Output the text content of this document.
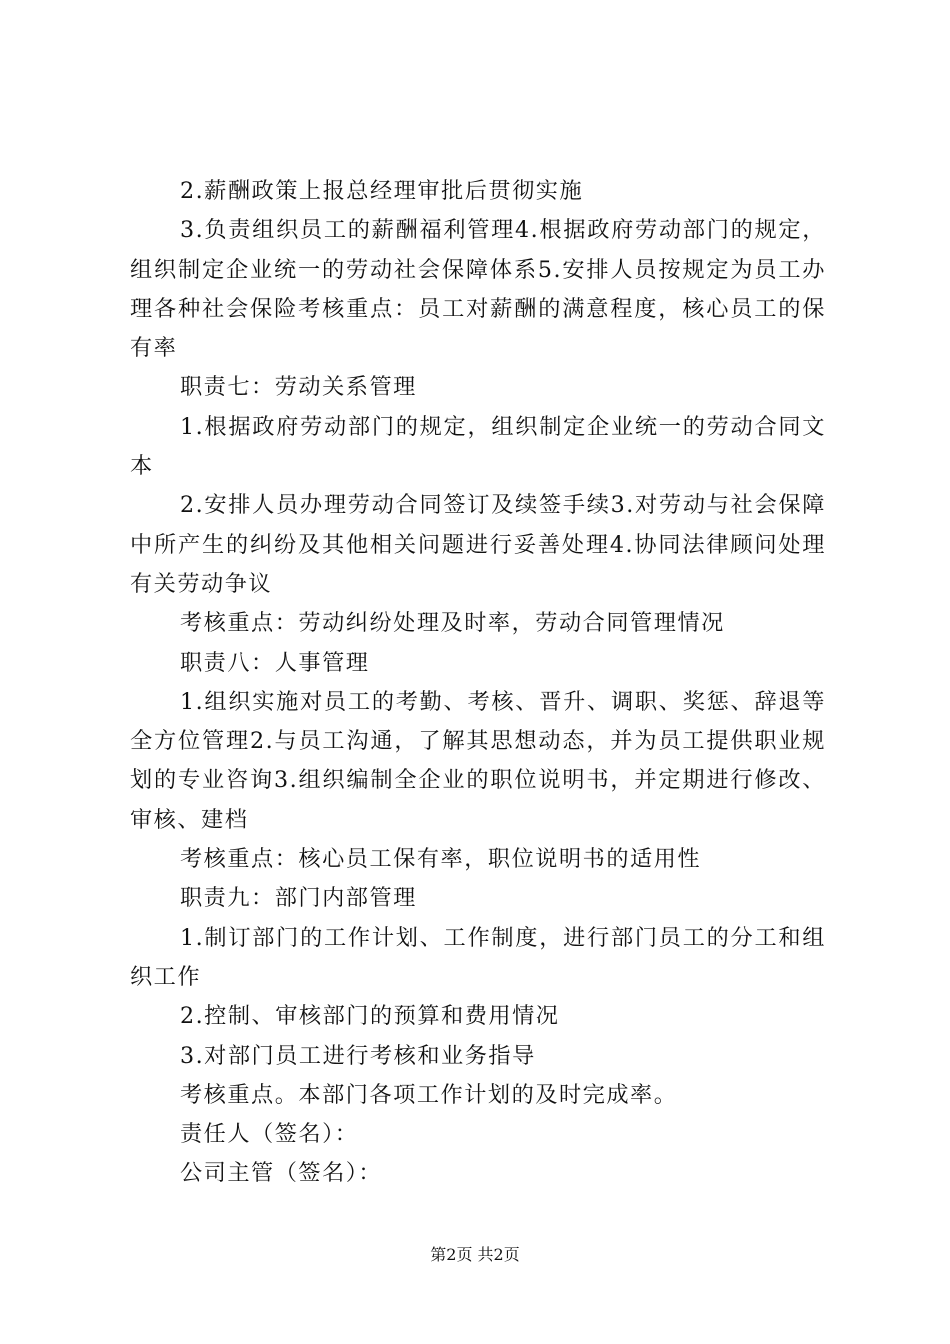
2.薪酬政策上报总经理审批后贯彻实施

3.负责组织员工的薪酬福利管理4.根据政府劳动部门的规定，组织制定企业统一的劳动社会保障体系5.安排人员按规定为员工办理各种社会保险考核重点：员工对薪酬的满意程度，核心员工的保有率

职责七：劳动关系管理

1.根据政府劳动部门的规定，组织制定企业统一的劳动合同文本

2.安排人员办理劳动合同签订及续签手续3.对劳动与社会保障中所产生的纠纷及其他相关问题进行妥善处理4.协同法律顾问处理有关劳动争议

考核重点：劳动纠纷处理及时率，劳动合同管理情况

职责八：人事管理

1.组织实施对员工的考勤、考核、晋升、调职、奖惩、辞退等全方位管理2.与员工沟通，了解其思想动态，并为员工提供职业规划的专业咨询3.组织编制全企业的职位说明书，并定期进行修改、审核、建档

考核重点：核心员工保有率，职位说明书的适用性

职责九：部门内部管理

1.制订部门的工作计划、工作制度，进行部门员工的分工和组织工作

2.控制、审核部门的预算和费用情况

3.对部门员工进行考核和业务指导

考核重点。本部门各项工作计划的及时完成率。

责任人（签名）：

公司主管（签名）：

第2页 共2页
